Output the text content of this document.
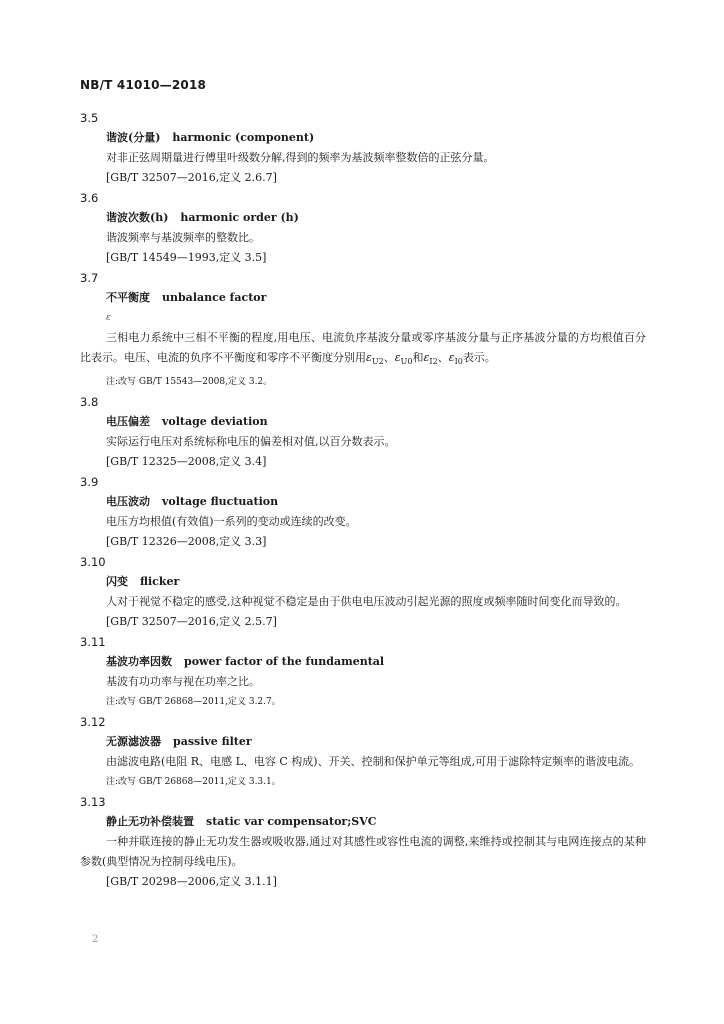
NB/T 41010—2018
3.5
谐波(分量) harmonic (component)
对非正弦周期量进行傅里叶级数分解,得到的频率为基波频率整数倍的正弦分量。
[GB/T 32507—2016,定义 2.6.7]
3.6
谐波次数(h) harmonic order (h)
谐波频率与基波频率的整数比。
[GB/T 14549—1993,定义 3.5]
3.7
不平衡度 unbalance factor
ε
三相电力系统中三相不平衡的程度,用电压、电流负序基波分量或零序基波分量与正序基波分量的方均根值百分比表示。电压、电流的负序不平衡度和零序不平衡度分别用$\varepsilon_{U2}$、$\varepsilon_{U0}$和$\varepsilon_{I2}$、$\varepsilon_{I0}$表示。
注:改写 GB/T 15543—2008,定义 3.2。
3.8
电压偏差 voltage deviation
实际运行电压对系统标称电压的偏差相对值,以百分数表示。
[GB/T 12325—2008,定义 3.4]
3.9
电压波动 voltage fluctuation
电压方均根值(有效值)一系列的变动或连续的改变。
[GB/T 12326—2008,定义 3.3]
3.10
闪变 flicker
人对于视觉不稳定的感受,这种视觉不稳定是由于供电电压波动引起光源的照度或频率随时间变化而导致的。
[GB/T 32507—2016,定义 2.5.7]
3.11
基波功率因数 power factor of the fundamental
基波有功功率与视在功率之比。
注:改写 GB/T 26868—2011,定义 3.2.7。
3.12
无源滤波器 passive filter
由滤波电路(电阻 R、电感 L、电容 C 构成)、开关、控制和保护单元等组成,可用于滤除特定频率的谐波电流。
注:改写 GB/T 26868—2011,定义 3.3.1。
3.13
静止无功补偿装置 static var compensator;SVC
一种并联连接的静止无功发生器或吸收器,通过对其感性或容性电流的调整,来维持或控制其与电网连接点的某种参数(典型情况为控制母线电压)。
[GB/T 20298—2006,定义 3.1.1]
2
